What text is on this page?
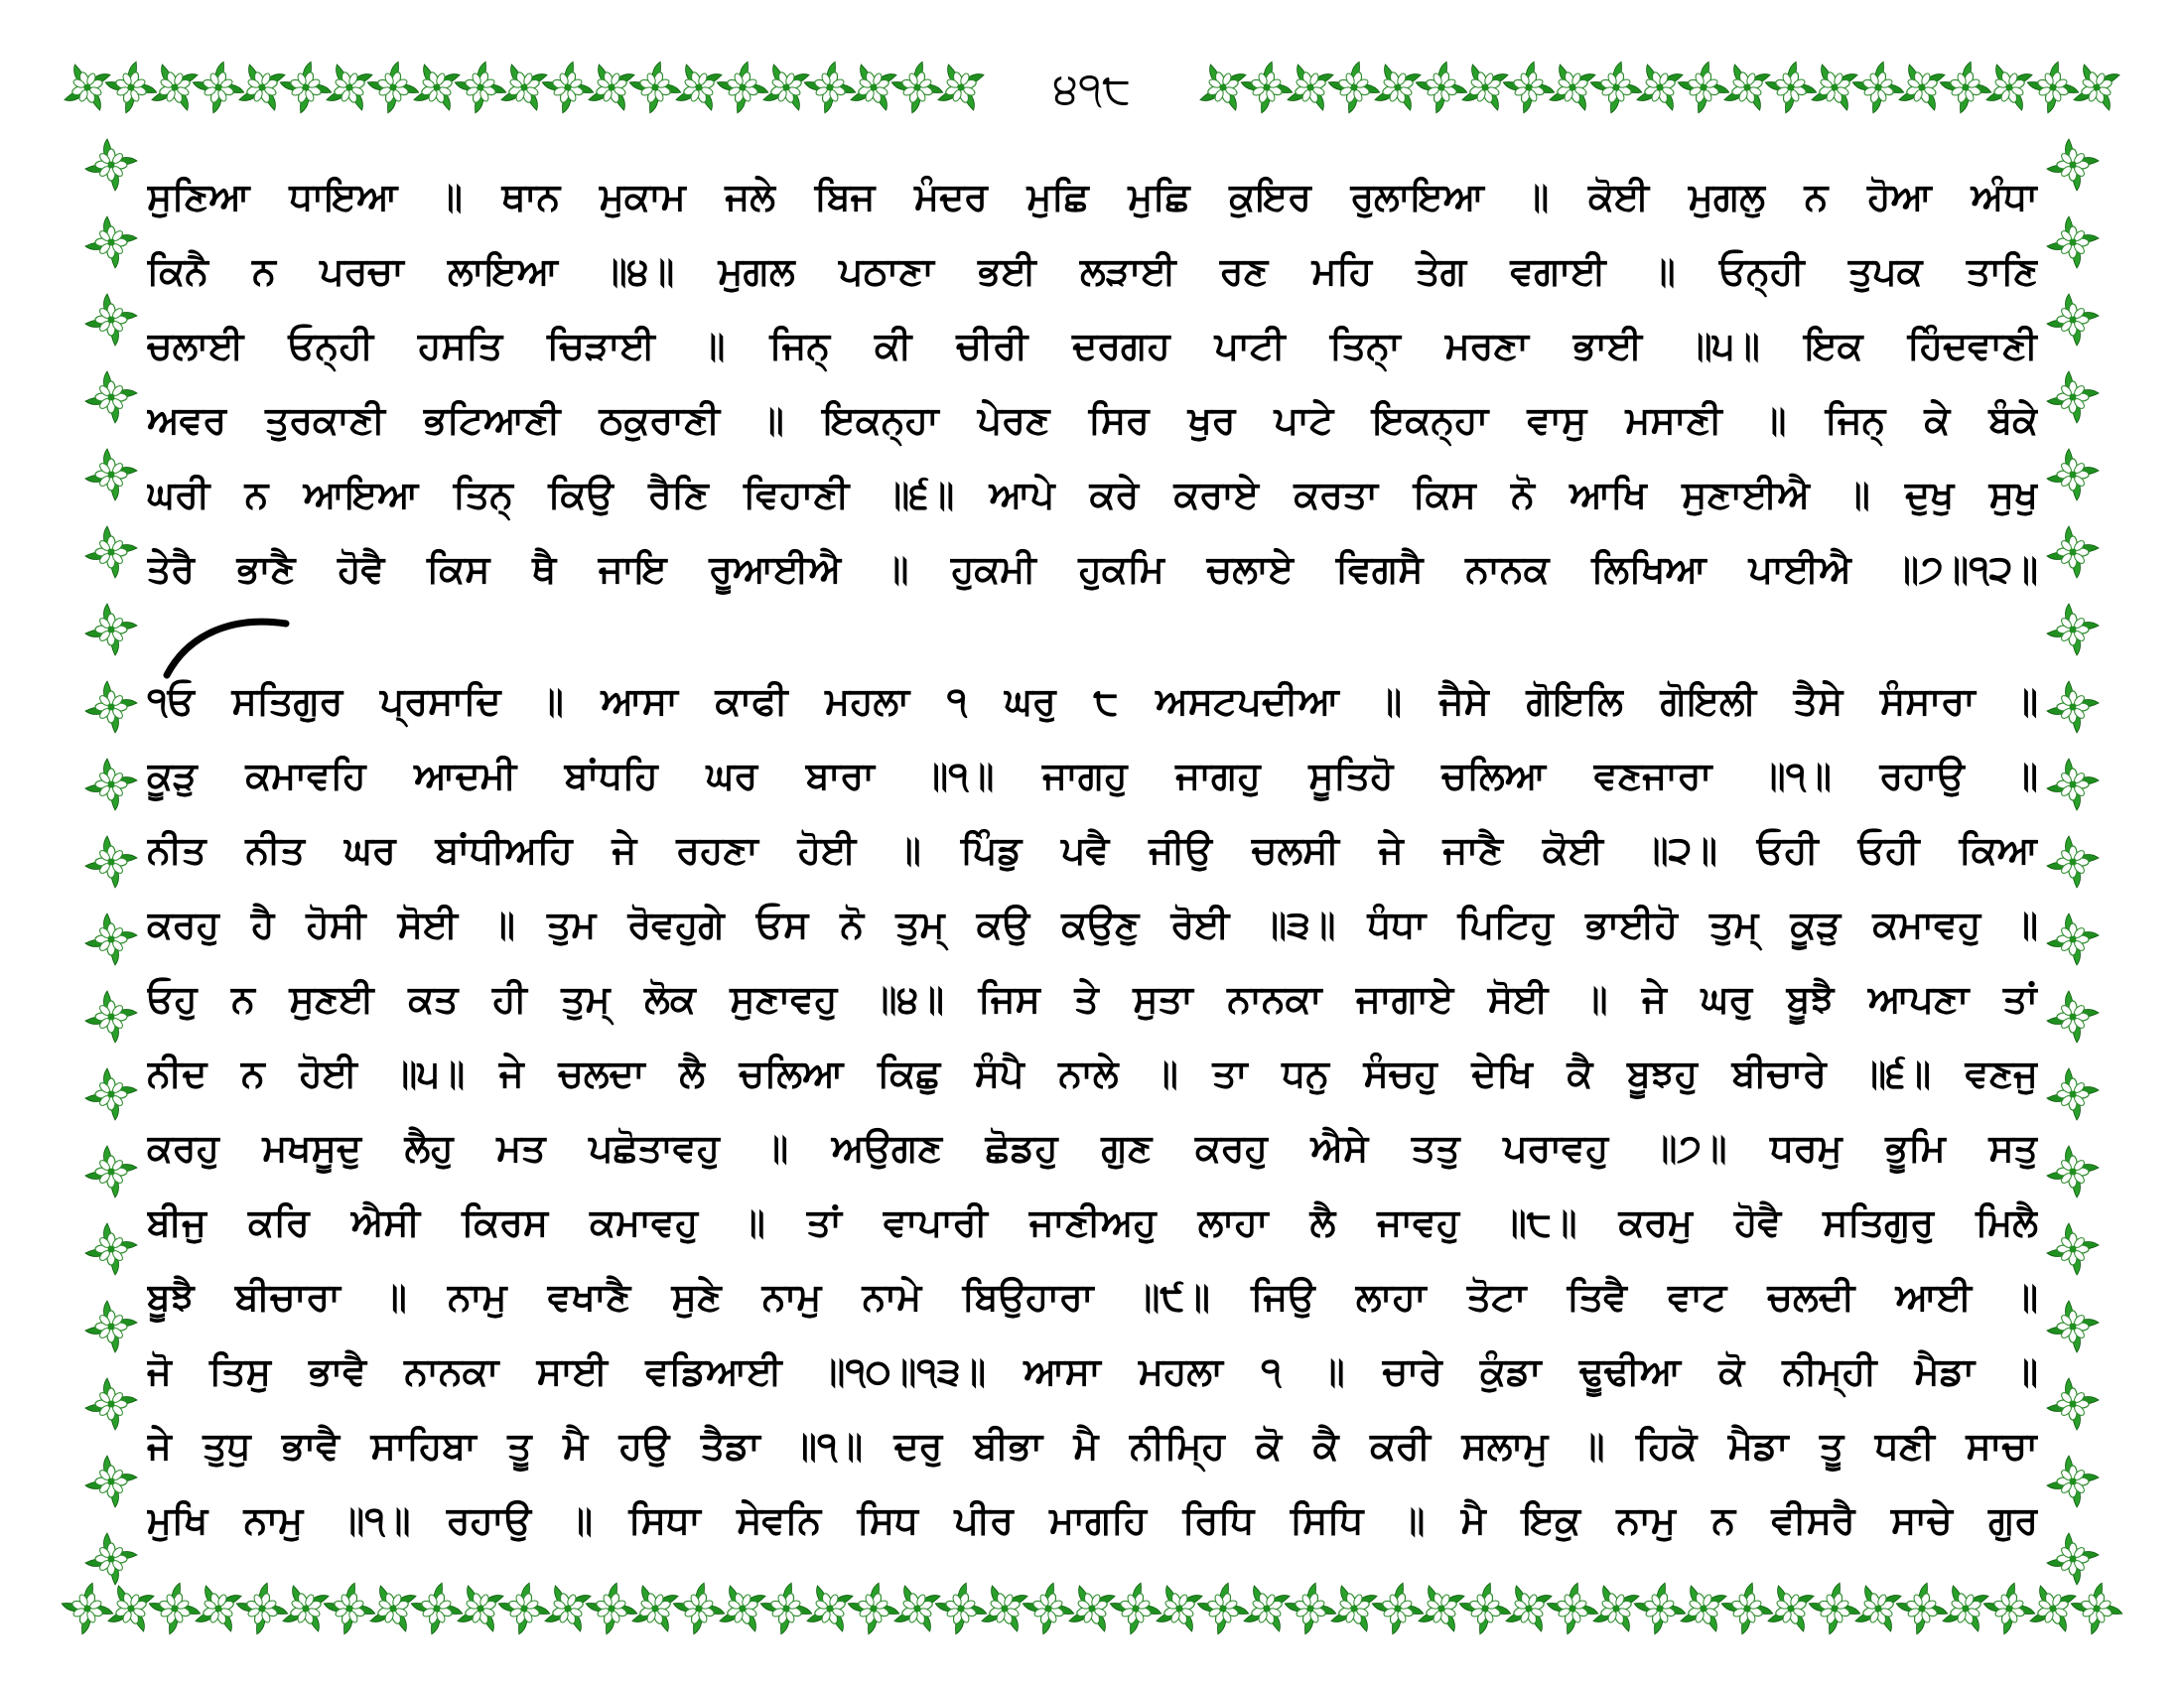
੪੧੮
ਸੁਣਿਆ ਧਾਇਆ ॥ ਥਾਨ ਮੁਕਾਮ ਜਲੇ ਬਿਜ ਮੰਦਰ ਮੁਛਿ ਮੁਛਿ ਕੁਇਰ ਰੁਲਾਇਆ ॥ ਕੋਈ ਮੁਗਲੁ ਨ ਹੋਆ ਅੰਧਾ
ਕਿਨੈ ਨ ਪਰਚਾ ਲਾਇਆ ॥੪॥ ਮੁਗਲ ਪਠਾਣਾ ਭਈ ਲੜਾਈ ਰਣ ਮਹਿ ਤੇਗ ਵਗਾਈ ॥ ਓਨ੍ਹੀ ਤੁਪਕ ਤਾਣਿ
ਚਲਾਈ ਓਨ੍ਹੀ ਹਸਤਿ ਚਿੜਾਈ ॥ ਜਿਨ੍ ਕੀ ਚੀਰੀ ਦਰਗਹ ਪਾਟੀ ਤਿਨਾ੍ ਮਰਣਾ ਭਾਈ ॥੫॥ ਇਕ ਹਿੰਦਵਾਣੀ
ਅਵਰ ਤੁਰਕਾਣੀ ਭਟਿਆਣੀ ਠਕੁਰਾਣੀ ॥ ਇਕਨ੍ਹਾ ਪੇਰਣ ਸਿਰ ਖੁਰ ਪਾਟੇ ਇਕਨ੍ਹਾ ਵਾਸੁ ਮਸਾਣੀ ॥ ਜਿਨ੍ ਕੇ ਬੰਕੇ
ਘਰੀ ਨ ਆਇਆ ਤਿਨ੍ ਕਿਉ ਰੈਣਿ ਵਿਹਾਣੀ ॥੬॥ ਆਪੇ ਕਰੇ ਕਰਾਏ ਕਰਤਾ ਕਿਸ ਨੋ ਆਖਿ ਸੁਣਾਈਐ ॥ ਦੁਖੁ ਸੁਖੁ
ਤੇਰੈ ਭਾਣੈ ਹੋਵੈ ਕਿਸ ਥੈ ਜਾਇ ਰੂਆਈਐ ॥ ਹੁਕਮੀ ਹੁਕਮਿ ਚਲਾਏ ਵਿਗਸੈ ਨਾਨਕ ਲਿਖਿਆ ਪਾਈਐ ॥੭॥੧੨॥
੧ਓ ਸਤਿਗੁਰ ਪ੍ਰਸਾਦਿ ॥ ਆਸਾ ਕਾਫੀ ਮਹਲਾ ੧ ਘਰੁ ੮ ਅਸਟਪਦੀਆ ॥ ਜੈਸੇ ਗੋਇਲਿ ਗੋਇਲੀ ਤੈਸੇ ਸੰਸਾਰਾ ॥
ਕੂੜੁ ਕਮਾਵਹਿ ਆਦਮੀ ਬਾਂਧਹਿ ਘਰ ਬਾਰਾ ॥੧॥ ਜਾਗਹੁ ਜਾਗਹੁ ਸੂਤਿਹੋ ਚਲਿਆ ਵਣਜਾਰਾ ॥੧॥ ਰਹਾਉ ॥
ਨੀਤ ਨੀਤ ਘਰ ਬਾਂਧੀਅਹਿ ਜੇ ਰਹਣਾ ਹੋਈ ॥ ਪਿੰਡੁ ਪਵੈ ਜੀਉ ਚਲਸੀ ਜੇ ਜਾਣੈ ਕੋਈ ॥੨॥ ਓਹੀ ਓਹੀ ਕਿਆ
ਕਰਹੁ ਹੈ ਹੋਸੀ ਸੋਈ ॥ ਤੁਮ ਰੋਵਹੁਗੇ ਓਸ ਨੋ ਤੁਮ੍ ਕਉ ਕਉਣੁ ਰੋਈ ॥੩॥ ਧੰਧਾ ਪਿਟਿਹੁ ਭਾਈਹੋ ਤੁਮ੍ ਕੂੜੁ ਕਮਾਵਹੁ ॥
ਓਹੁ ਨ ਸੁਣਈ ਕਤ ਹੀ ਤੁਮ੍ ਲੋਕ ਸੁਣਾਵਹੁ ॥੪॥ ਜਿਸ ਤੇ ਸੁਤਾ ਨਾਨਕਾ ਜਾਗਾਏ ਸੋਈ ॥ ਜੇ ਘਰੁ ਬੂਝੈ ਆਪਣਾ ਤਾਂ
ਨੀਦ ਨ ਹੋਈ ॥੫॥ ਜੇ ਚਲਦਾ ਲੈ ਚਲਿਆ ਕਿਛੁ ਸੰਪੈ ਨਾਲੇ ॥ ਤਾ ਧਨੁ ਸੰਚਹੁ ਦੇਖਿ ਕੈ ਬੂਝਹੁ ਬੀਚਾਰੇ ॥੬॥ ਵਣਜੁ
ਕਰਹੁ ਮਖਸੂਦੁ ਲੈਹੁ ਮਤ ਪਛੋਤਾਵਹੁ ॥ ਅਉਗਣ ਛੋਡਹੁ ਗੁਣ ਕਰਹੁ ਐਸੇ ਤਤੁ ਪਰਾਵਹੁ ॥੭॥ ਧਰਮੁ ਭੂਮਿ ਸਤੁ
ਬੀਜੁ ਕਰਿ ਐਸੀ ਕਿਰਸ ਕਮਾਵਹੁ ॥ ਤਾਂ ਵਾਪਾਰੀ ਜਾਣੀਅਹੁ ਲਾਹਾ ਲੈ ਜਾਵਹੁ ॥੮॥ ਕਰਮੁ ਹੋਵੈ ਸਤਿਗੁਰੁ ਮਿਲੈ
ਬੂਝੈ ਬੀਚਾਰਾ ॥ ਨਾਮੁ ਵਖਾਣੈ ਸੁਣੇ ਨਾਮੁ ਨਾਮੇ ਬਿਉਹਾਰਾ ॥੯॥ ਜਿਉ ਲਾਹਾ ਤੋਟਾ ਤਿਵੈ ਵਾਟ ਚਲਦੀ ਆਈ ॥
ਜੋ ਤਿਸੁ ਭਾਵੈ ਨਾਨਕਾ ਸਾਈ ਵਡਿਆਈ ॥੧੦॥੧੩॥ ਆਸਾ ਮਹਲਾ ੧ ॥ ਚਾਰੇ ਕੁੰਡਾ ਢੂਢੀਆ ਕੋ ਨੀਮ੍ਹੀ ਮੈਡਾ ॥
ਜੇ ਤੁਧੁ ਭਾਵੈ ਸਾਹਿਬਾ ਤੂ ਮੈ ਹਉ ਤੈਡਾ ॥੧॥ ਦਰੁ ਬੀਭਾ ਮੈ ਨੀਮ੍ਹਿ ਕੋ ਕੈ ਕਰੀ ਸਲਾਮੁ ॥ ਹਿਕੋ ਮੈਡਾ ਤੂ ਧਣੀ ਸਾਚਾ
ਮੁਖਿ ਨਾਮੁ ॥੧॥ ਰਹਾਉ ॥ ਸਿਧਾ ਸੇਵਨਿ ਸਿਧ ਪੀਰ ਮਾਗਹਿ ਰਿਧਿ ਸਿਧਿ ॥ ਮੈ ਇਕੁ ਨਾਮੁ ਨ ਵੀਸਰੈ ਸਾਚੇ ਗੁਰ
